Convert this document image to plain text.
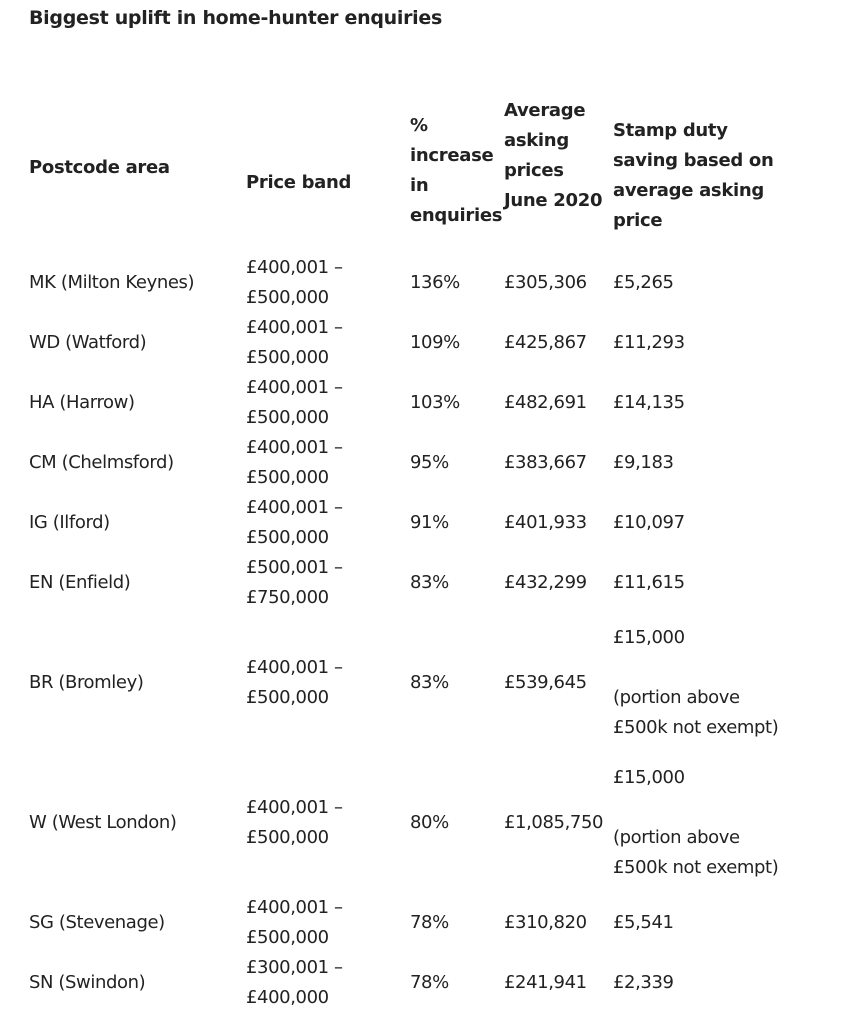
Biggest uplift in home-hunter enquiries
Postcode area	Price band	% increase in enquiries	Average asking prices June 2020	Stamp duty saving based on average asking price
MK (Milton Keynes)	£400,001 –
£500,000	136%	£305,306	£5,265
WD (Watford)	£400,001 –
£500,000	109%	£425,867	£11,293
HA (Harrow)	£400,001 –
£500,000	103%	£482,691	£14,135
CM (Chelmsford)	£400,001 –
£500,000	95%	£383,667	£9,183
IG (Ilford)	£400,001 –
£500,000	91%	£401,933	£10,097
EN (Enfield)	£500,001 –
£750,000	83%	£432,299	£11,615
BR (Bromley)	£400,001 –
£500,000	83%	£539,645	£15,000

(portion above £500k not exempt)
W (West London)	£400,001 –
£500,000	80%	£1,085,750	£15,000

(portion above £500k not exempt)
SG (Stevenage)	£400,001 –
£500,000	78%	£310,820	£5,541
SN (Swindon)	£300,001 –
£400,000	78%	£241,941	£2,339
